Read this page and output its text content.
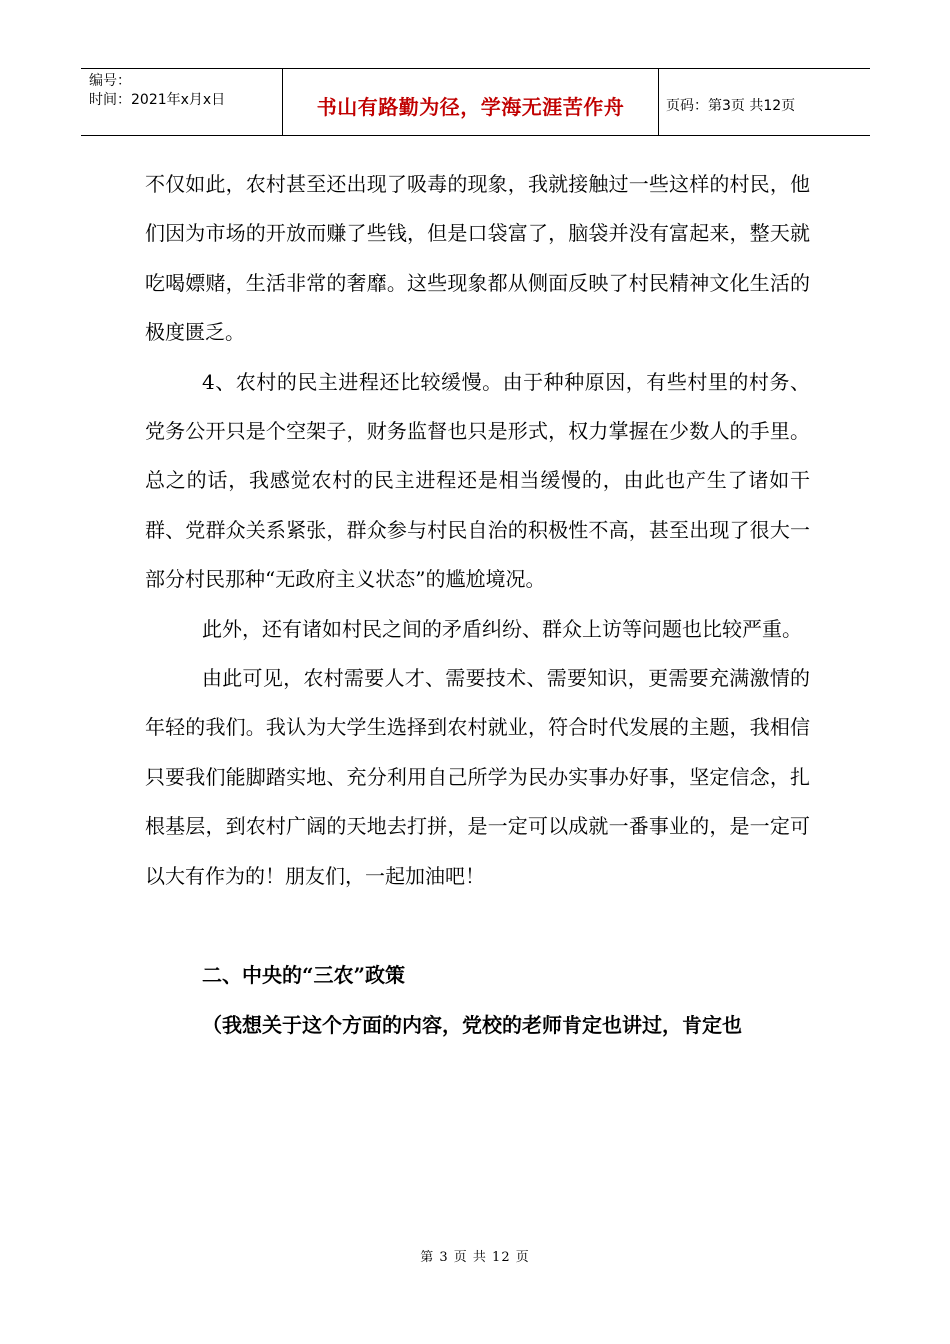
编号：
时间：2021年x月x日	书山有路勤为径，学海无涯苦作舟	页码：第3页 共12页

不仅如此，农村甚至还出现了吸毒的现象，我就接触过一些这样的村民，他们因为市场的开放而赚了些钱，但是口袋富了，脑袋并没有富起来，整天就吃喝嫖赌，生活非常的奢靡。这些现象都从侧面反映了村民精神文化生活的极度匮乏。

4、农村的民主进程还比较缓慢。由于种种原因，有些村里的村务、党务公开只是个空架子，财务监督也只是形式，权力掌握在少数人的手里。总之的话，我感觉农村的民主进程还是相当缓慢的，由此也产生了诸如干群、党群众关系紧张，群众参与村民自治的积极性不高，甚至出现了很大一部分村民那种“无政府主义状态”的尴尬境况。

此外，还有诸如村民之间的矛盾纠纷、群众上访等问题也比较严重。

由此可见，农村需要人才、需要技术、需要知识，更需要充满激情的年轻的我们。我认为大学生选择到农村就业，符合时代发展的主题，我相信只要我们能脚踏实地、充分利用自己所学为民办实事办好事，坚定信念，扎根基层，到农村广阔的天地去打拼，是一定可以成就一番事业的，是一定可以大有作为的！朋友们，一起加油吧！

二、中央的“三农”政策

（我想关于这个方面的内容，党校的老师肯定也讲过，肯定也

第 3 页 共 12 页
